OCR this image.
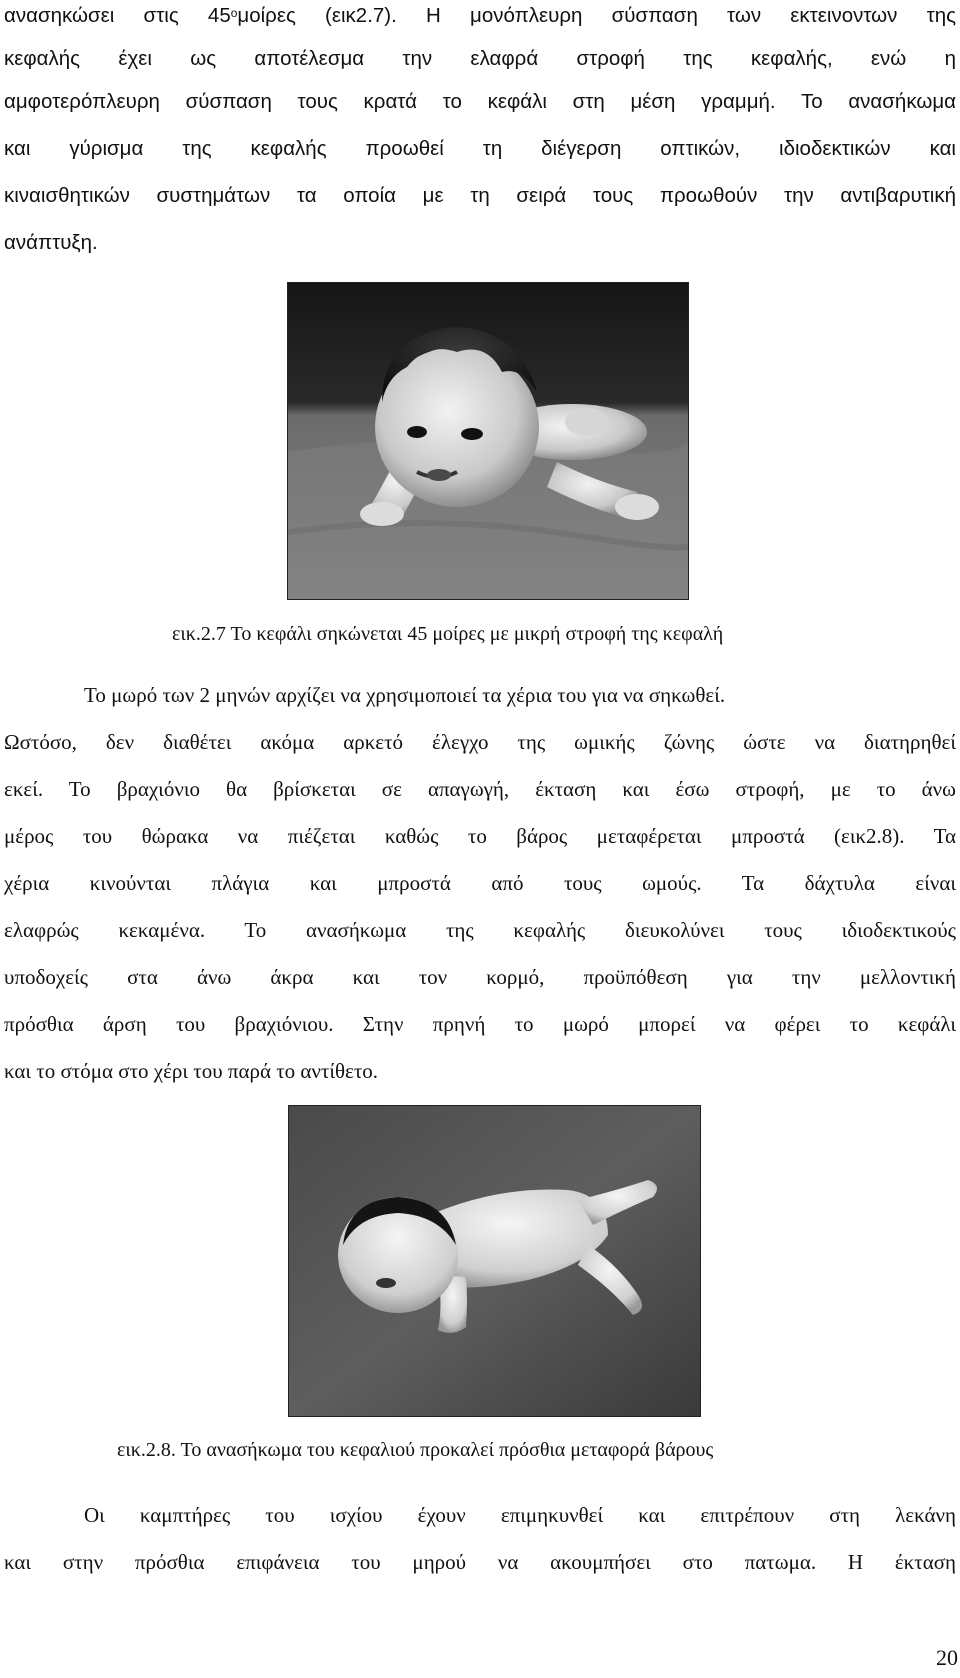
ανασηκώσει στις $45^o\mu oί\rho\varepsilon\varsigma$ (εικ2.7). Η μονόπλευρη σύσπαση των εκτεινοντων της
κεφαλής έχει ως αποτέλεσμα την ελαφρά στροφή της κεφαλής, ενώ η
αμφοτερόπλευρη σύσπαση τους κρατά το κεφάλι στη μέση γραμμή. Το ανασήκωμα
και γύρισμα της κεφαλής προωθεί τη διέγερση οπτικών, ιδιοδεκτικών και
κιναισθητικών συστημάτων τα οποία με τη σειρά τους προωθούν την αντιβαρυτική
ανάπτυξη.
εικ.2.7 Το κεφάλι σηκώνεται 45 μοίρες με μικρή στροφή της κεφαλή
Το μωρό των 2 μηνών αρχίζει να χρησιμοποιεί τα χέρια του για να σηκωθεί.
Ωστόσο, δεν διαθέτει ακόμα αρκετό έλεγχο της ωμικής ζώνης ώστε να διατηρηθεί
εκεί. Το βραχιόνιο θα βρίσκεται σε απαγωγή, έκταση και έσω στροφή, με το άνω
μέρος του θώρακα να πιέζεται καθώς το βάρος μεταφέρεται μπροστά (εικ2.8). Τα
χέρια κινούνται πλάγια και μπροστά από τους ωμούς. Τα δάχτυλα είναι
ελαφρώς κεκαμένα. Το ανασήκωμα της κεφαλής διευκολύνει τους ιδιοδεκτικούς
υποδοχείς στα άνω άκρα και τον κορμό, προϋπόθεση για την μελλοντική
πρόσθια άρση του βραχιόνιου. Στην πρηνή το μωρό μπορεί να φέρει το κεφάλι
και το στόμα στο χέρι του παρά το αντίθετο.
εικ.2.8. Το ανασήκωμα του κεφαλιού προκαλεί πρόσθια μεταφορά βάρους
Οι καμπτήρες του ισχίου έχουν επιμηκυνθεί και επιτρέπουν στη λεκάνη
και στην πρόσθια επιφάνεια του μηρού να ακουμπήσει στο πατωμα. Η έκταση
20
